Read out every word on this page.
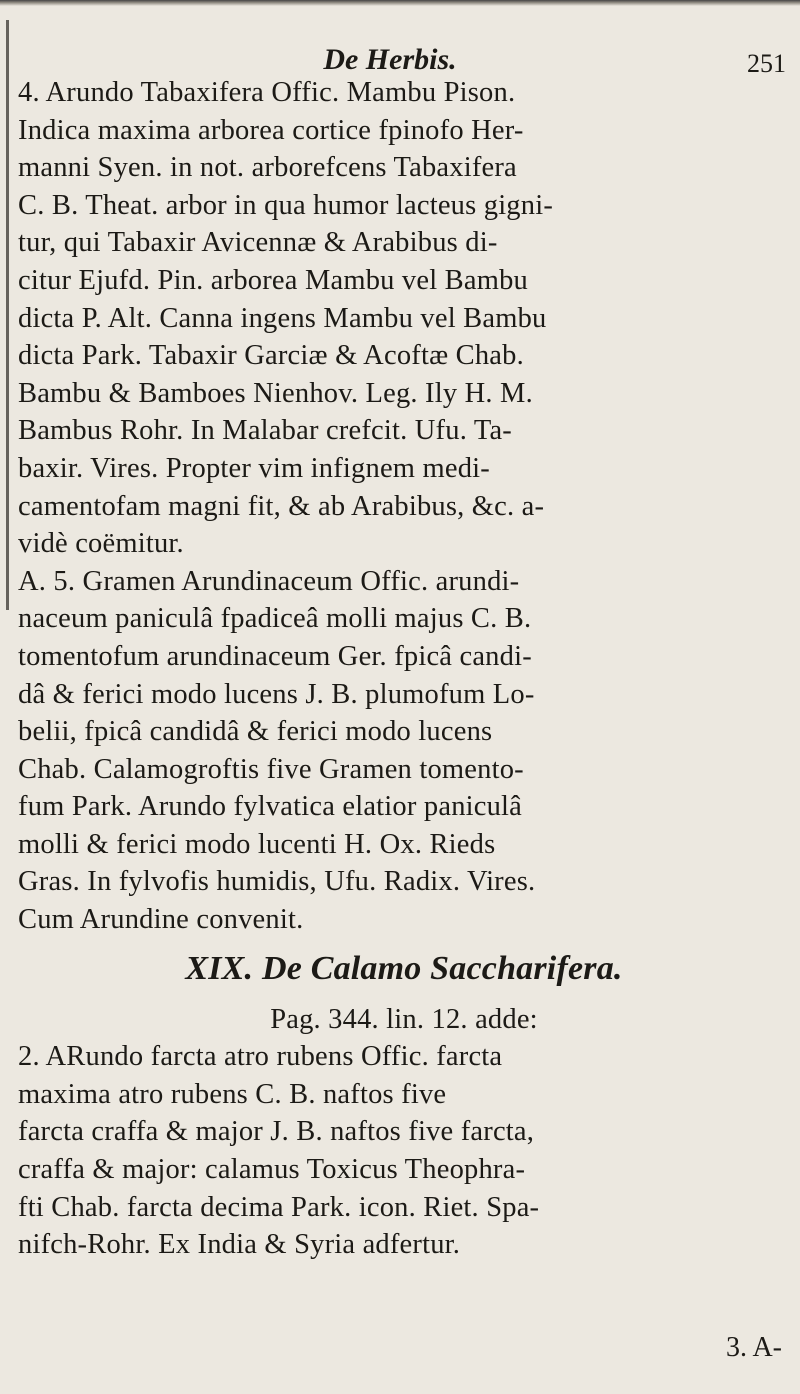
De Herbis.	251
4. Arundo Tabaxifera Offic. Mambu Pison.
Indica maxima arborea cortice fpinofo Her-
manni Syen. in not. arborefcens Tabaxifera
C. B. Theat. arbor in qua humor lacteus gigni-
tur, qui Tabaxir Avicennæ & Arabibus di-
citur Ejufd. Pin. arborea Mambu vel Bambu
dicta P. Alt. Canna ingens Mambu vel Bambu
dicta Park. Tabaxir Garciæ & Acoftæ Chab.
Bambu & Bamboes Nienhov. Leg. Ily H. M.
Bambus Rohr. In Malabar crefcit. Ufu. Ta-
baxir. Vires. Propter vim infignem medi-
camentofam magni fit, & ab Arabibus, &c. a-
vidè coëmitur.
A. 5. Gramen Arundinaceum Offic. arundi-
naceum paniculâ fpadiceâ molli majus C. B.
tomentofum arundinaceum Ger. fpicâ candi-
dâ & ferici modo lucens J. B. plumofum Lo-
belii, fpicâ candidâ & ferici modo lucens
Chab. Calamogroftis five Gramen tomento-
fum Park. Arundo fylvatica elatior paniculâ
molli & ferici modo lucenti H. Ox. Rieds
Gras. In fylvofis humidis, Ufu. Radix. Vires.
Cum Arundine convenit.
XIX. De Calamo Saccharifera.
Pag. 344. lin. 12. adde:
2. ARundo farcta atro rubens Offic. farcta
maxima atro rubens C. B. naftos five
farcta craffa & major J. B. naftos five farcta,
craffa & major: calamus Toxicus Theophra-
fti Chab. farcta decima Park. icon. Riet. Spa-
nifch-Rohr. Ex India & Syria adfertur.
3. A-
